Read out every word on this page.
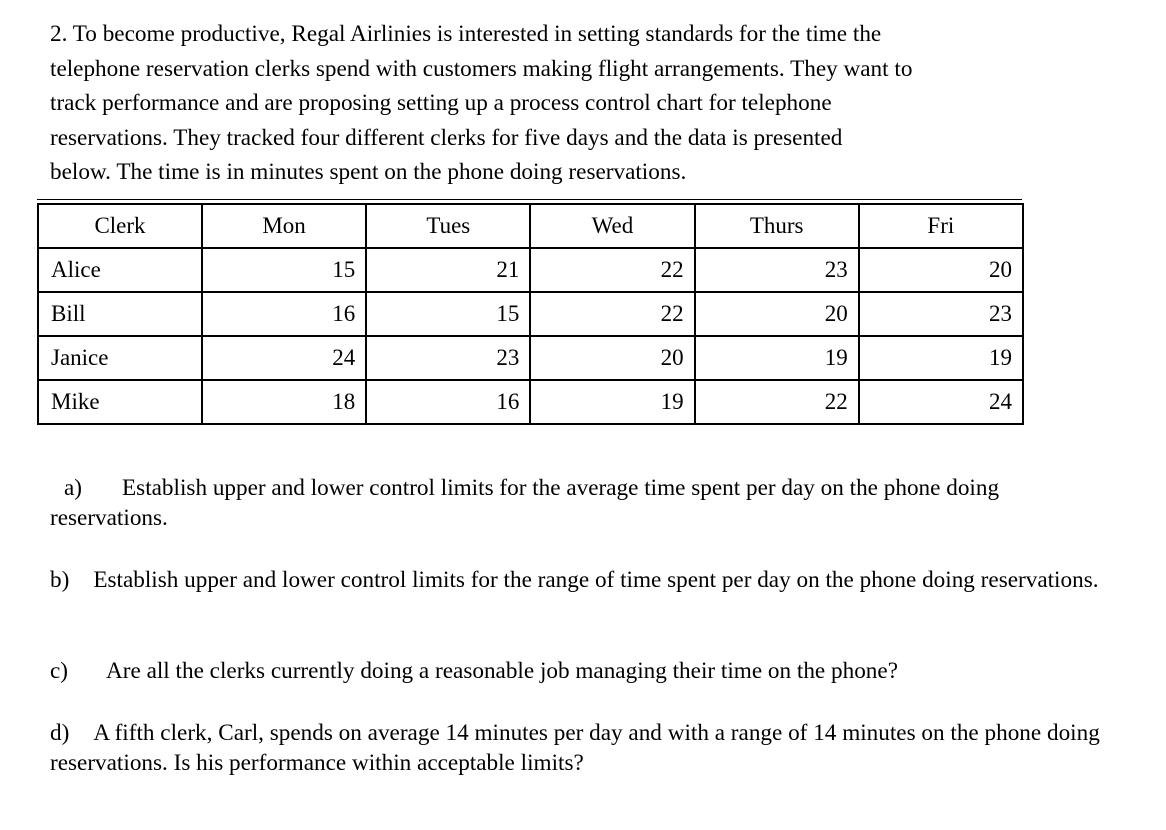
2. To become productive, Regal Airlinies is interested in setting standards for the time the
telephone reservation clerks spend with customers making flight arrangements. They want to
track performance and are proposing setting up a process control chart for telephone
reservations. They tracked four different clerks for five days and the data is presented
below. The time is in minutes spent on the phone doing reservations.

Clerk	Mon	Tues	Wed	Thurs	Fri
Alice	15	21	22	23	20
Bill	16	15	22	20	23
Janice	24	23	20	19	19
Mike	18	16	19	22	24

a) Establish upper and lower control limits for the average time spent per day on the phone doing reservations.

b) Establish upper and lower control limits for the range of time spent per day on the phone doing reservations.

c) Are all the clerks currently doing a reasonable job managing their time on the phone?

d) A fifth clerk, Carl, spends on average 14 minutes per day and with a range of 14 minutes on the phone doing reservations. Is his performance within acceptable limits?
